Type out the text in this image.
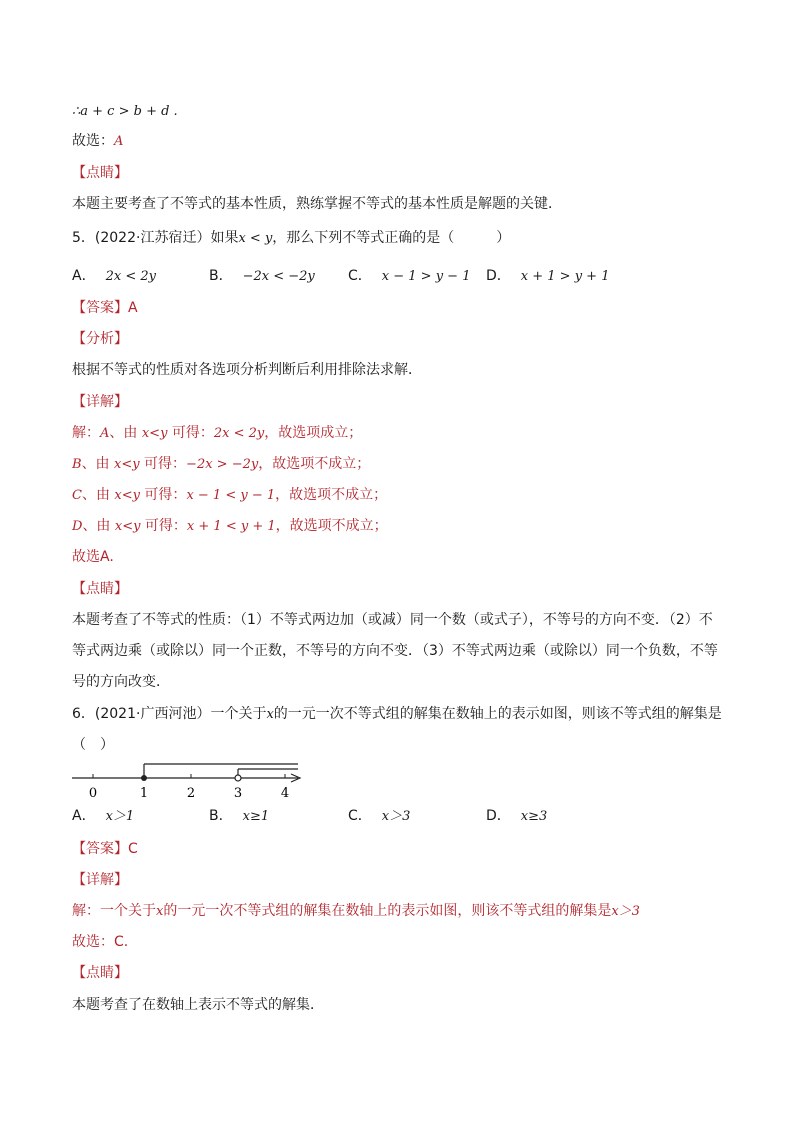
∴a + c > b + d .
故选：A
【点睛】
本题主要考查了不等式的基本性质，熟练掌握不等式的基本性质是解题的关键．
5．(2022·江苏宿迁）如果x < y，那么下列不等式正确的是（　　　）
A． 2x < 2y	B． −2x < −2y C． x − 1 > y − 1 D． x + 1 > y + 1
【答案】A
【分析】
根据不等式的性质对各选项分析判断后利用排除法求解．
【详解】
解：A、由 x<y 可得：2x < 2y，故选项成立；
B、由 x<y 可得：−2x > −2y，故选项不成立；
C、由 x<y 可得：x − 1 < y − 1，故选项不成立；
D、由 x<y 可得：x + 1 < y + 1，故选项不成立；
故选A.
【点睛】
本题考查了不等式的性质：（1）不等式两边加（或减）同一个数（或式子），不等号的方向不变．（2）不
等式两边乘（或除以）同一个正数，不等号的方向不变．（3）不等式两边乘（或除以）同一个负数，不等
号的方向改变．
6．(2021·广西河池）一个关于x的一元一次不等式组的解集在数轴上的表示如图，则该不等式组的解集是
（　）
0	1	2	3	4
A． x＞1	B． x≥1	C． x＞3	D． x≥3
【答案】C
【详解】
解：一个关于x的一元一次不等式组的解集在数轴上的表示如图，则该不等式组的解集是x＞3
故选：C.
【点睛】
本题考查了在数轴上表示不等式的解集．
